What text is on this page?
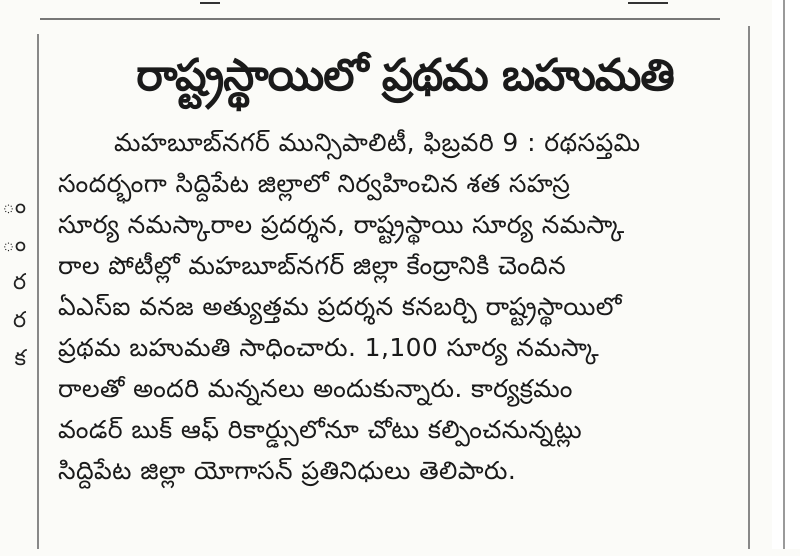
ం
ం
ర
ర
క
రాష్ట్రస్థాయిలో ప్రథమ బహుమతి
మహబూబ్‌నగర్ మున్సిపాలిటీ, ఫిబ్రవరి 9 : రథసప్తమి
సందర్భంగా సిద్దిపేట జిల్లాలో నిర్వహించిన శత సహస్ర
సూర్య నమస్కారాల ప్రదర్శన, రాష్ట్రస్థాయి సూర్య నమస్కా
రాల పోటీల్లో మహబూబ్‌నగర్ జిల్లా కేంద్రానికి చెందిన
ఏఎస్ఐ వనజ అత్యుత్తమ ప్రదర్శన కనబర్చి రాష్ట్రస్థాయిలో
ప్రథమ బహుమతి సాధించారు. 1,100 సూర్య నమస్కా
రాలతో అందరి మన్ననలు అందుకున్నారు. కార్యక్రమం
వండర్ బుక్ ఆఫ్ రికార్డ్సులోనూ చోటు కల్పించనున్నట్లు
సిద్దిపేట జిల్లా యోగాసన్ ప్రతినిధులు తెలిపారు.
